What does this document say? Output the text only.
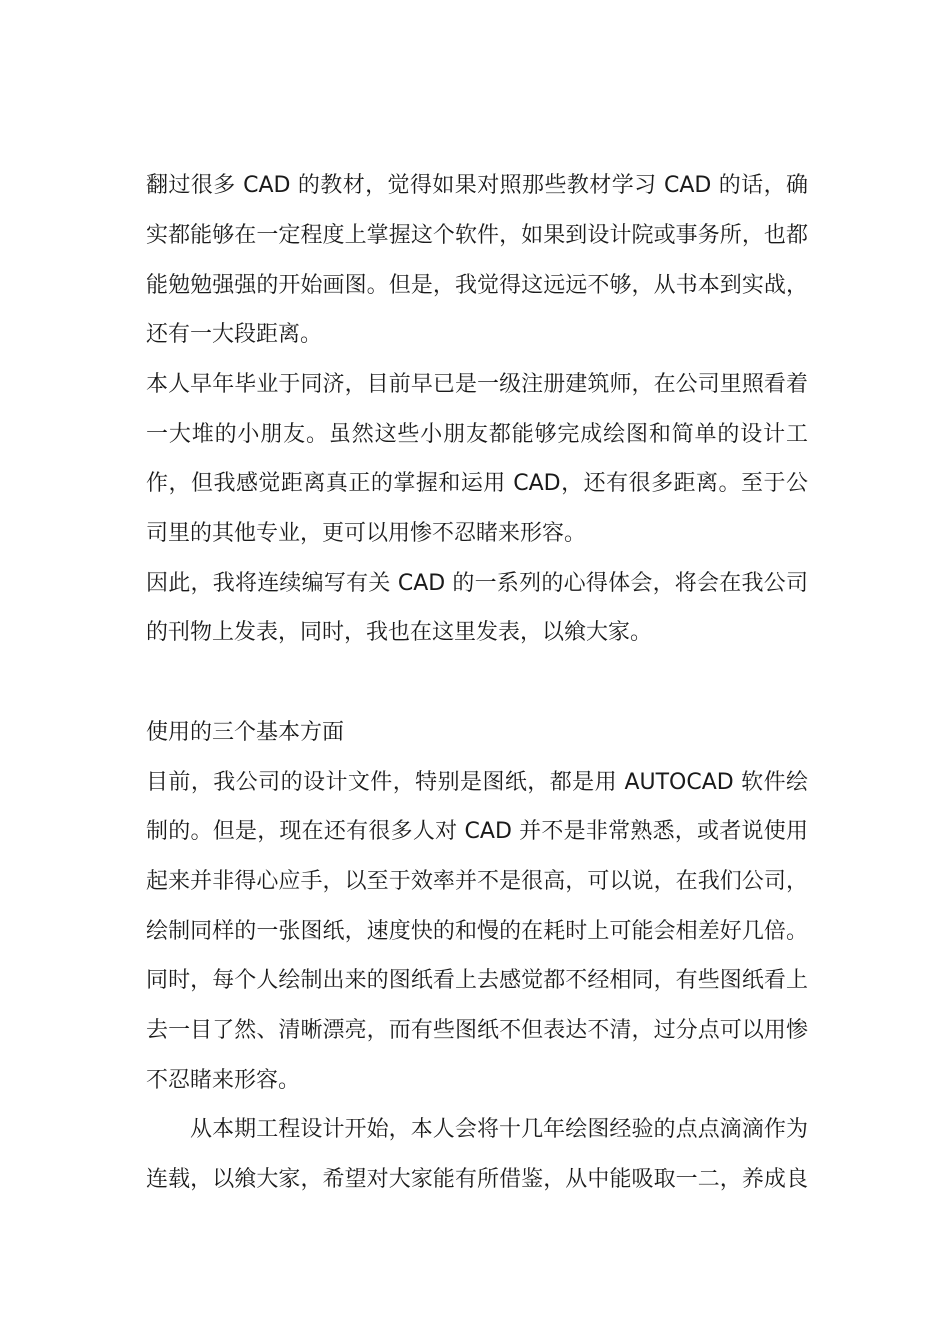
翻过很多 CAD 的教材，觉得如果对照那些教材学习 CAD 的话，确
实都能够在一定程度上掌握这个软件，如果到设计院或事务所，也都
能勉勉强强的开始画图。但是，我觉得这远远不够，从书本到实战，
还有一大段距离。
本人早年毕业于同济，目前早已是一级注册建筑师，在公司里照看着
一大堆的小朋友。虽然这些小朋友都能够完成绘图和简单的设计工
作，但我感觉距离真正的掌握和运用 CAD，还有很多距离。至于公
司里的其他专业，更可以用惨不忍睹来形容。
因此，我将连续编写有关 CAD 的一系列的心得体会，将会在我公司
的刊物上发表，同时，我也在这里发表，以飨大家。
使用的三个基本方面
目前，我公司的设计文件，特别是图纸，都是用 AUTOCAD 软件绘
制的。但是，现在还有很多人对 CAD 并不是非常熟悉，或者说使用
起来并非得心应手，以至于效率并不是很高，可以说，在我们公司，
绘制同样的一张图纸，速度快的和慢的在耗时上可能会相差好几倍。
同时，每个人绘制出来的图纸看上去感觉都不经相同，有些图纸看上
去一目了然、清晰漂亮，而有些图纸不但表达不清，过分点可以用惨
不忍睹来形容。
从本期工程设计开始，本人会将十几年绘图经验的点点滴滴作为
连载，以飨大家，希望对大家能有所借鉴，从中能吸取一二，养成良
